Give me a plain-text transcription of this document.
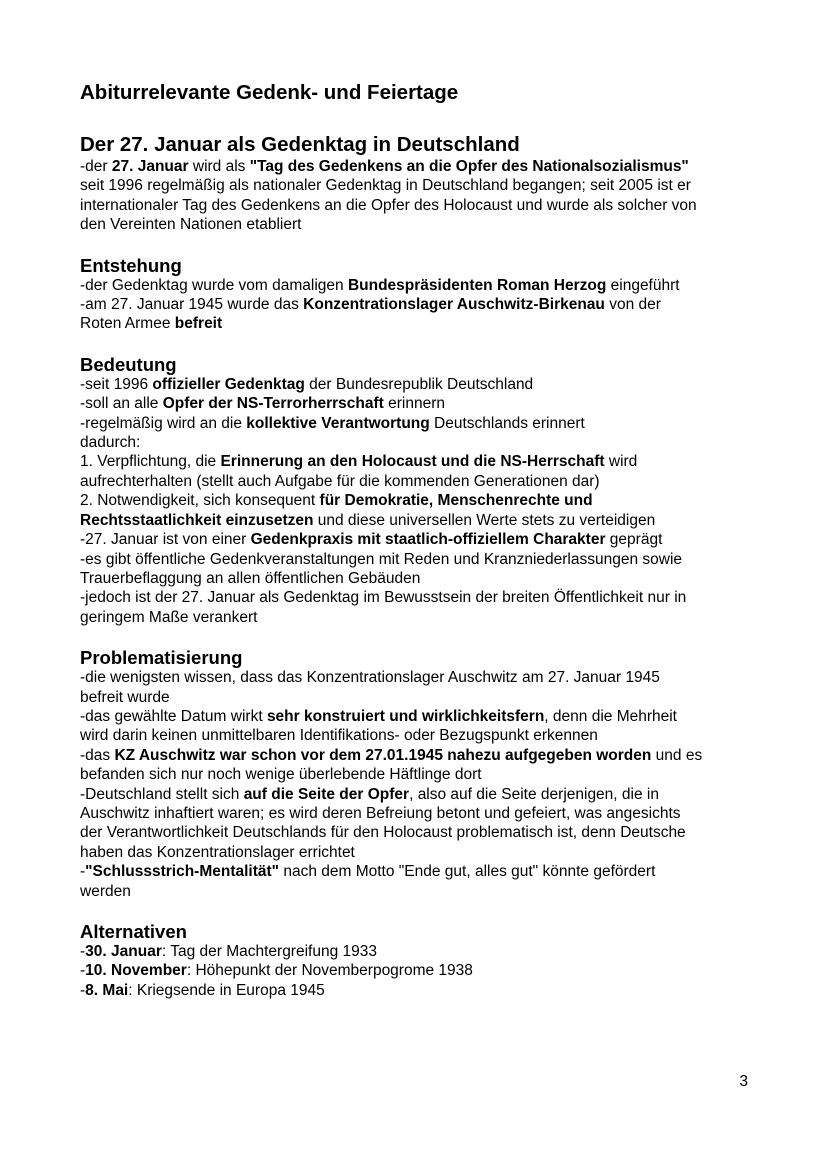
Abiturrelevante Gedenk- und Feiertage
Der 27. Januar als Gedenktag in Deutschland
-der 27. Januar wird als "Tag des Gedenkens an die Opfer des Nationalsozialismus"
seit 1996 regelmäßig als nationaler Gedenktag in Deutschland begangen; seit 2005 ist er
internationaler Tag des Gedenkens an die Opfer des Holocaust und wurde als solcher von
den Vereinten Nationen etabliert
Entstehung
-der Gedenktag wurde vom damaligen Bundespräsidenten Roman Herzog eingeführt
-am 27. Januar 1945 wurde das Konzentrationslager Auschwitz-Birkenau von der
Roten Armee befreit
Bedeutung
-seit 1996 offizieller Gedenktag der Bundesrepublik Deutschland
-soll an alle Opfer der NS-Terrorherrschaft erinnern
-regelmäßig wird an die kollektive Verantwortung Deutschlands erinnert
dadurch:
1. Verpflichtung, die Erinnerung an den Holocaust und die NS-Herrschaft wird
aufrechterhalten (stellt auch Aufgabe für die kommenden Generationen dar)
2. Notwendigkeit, sich konsequent für Demokratie, Menschenrechte und
Rechtsstaatlichkeit einzusetzen und diese universellen Werte stets zu verteidigen
-27. Januar ist von einer Gedenkpraxis mit staatlich-offiziellem Charakter geprägt
-es gibt öffentliche Gedenkveranstaltungen mit Reden und Kranzniederlassungen sowie
Trauerbeflaggung an allen öffentlichen Gebäuden
-jedoch ist der 27. Januar als Gedenktag im Bewusstsein der breiten Öffentlichkeit nur in
geringem Maße verankert
Problematisierung
-die wenigsten wissen, dass das Konzentrationslager Auschwitz am 27. Januar 1945
befreit wurde
-das gewählte Datum wirkt sehr konstruiert und wirklichkeitsfern, denn die Mehrheit
wird darin keinen unmittelbaren Identifikations- oder Bezugspunkt erkennen
-das KZ Auschwitz war schon vor dem 27.01.1945 nahezu aufgegeben worden und es
befanden sich nur noch wenige überlebende Häftlinge dort
-Deutschland stellt sich auf die Seite der Opfer, also auf die Seite derjenigen, die in
Auschwitz inhaftiert waren; es wird deren Befreiung betont und gefeiert, was angesichts
der Verantwortlichkeit Deutschlands für den Holocaust problematisch ist, denn Deutsche
haben das Konzentrationslager errichtet
-"Schlussstrich-Mentalität" nach dem Motto "Ende gut, alles gut" könnte gefördert
werden
Alternativen
-30. Januar: Tag der Machtergreifung 1933
-10. November: Höhepunkt der Novemberpogrome 1938
-8. Mai: Kriegsende in Europa 1945
3
